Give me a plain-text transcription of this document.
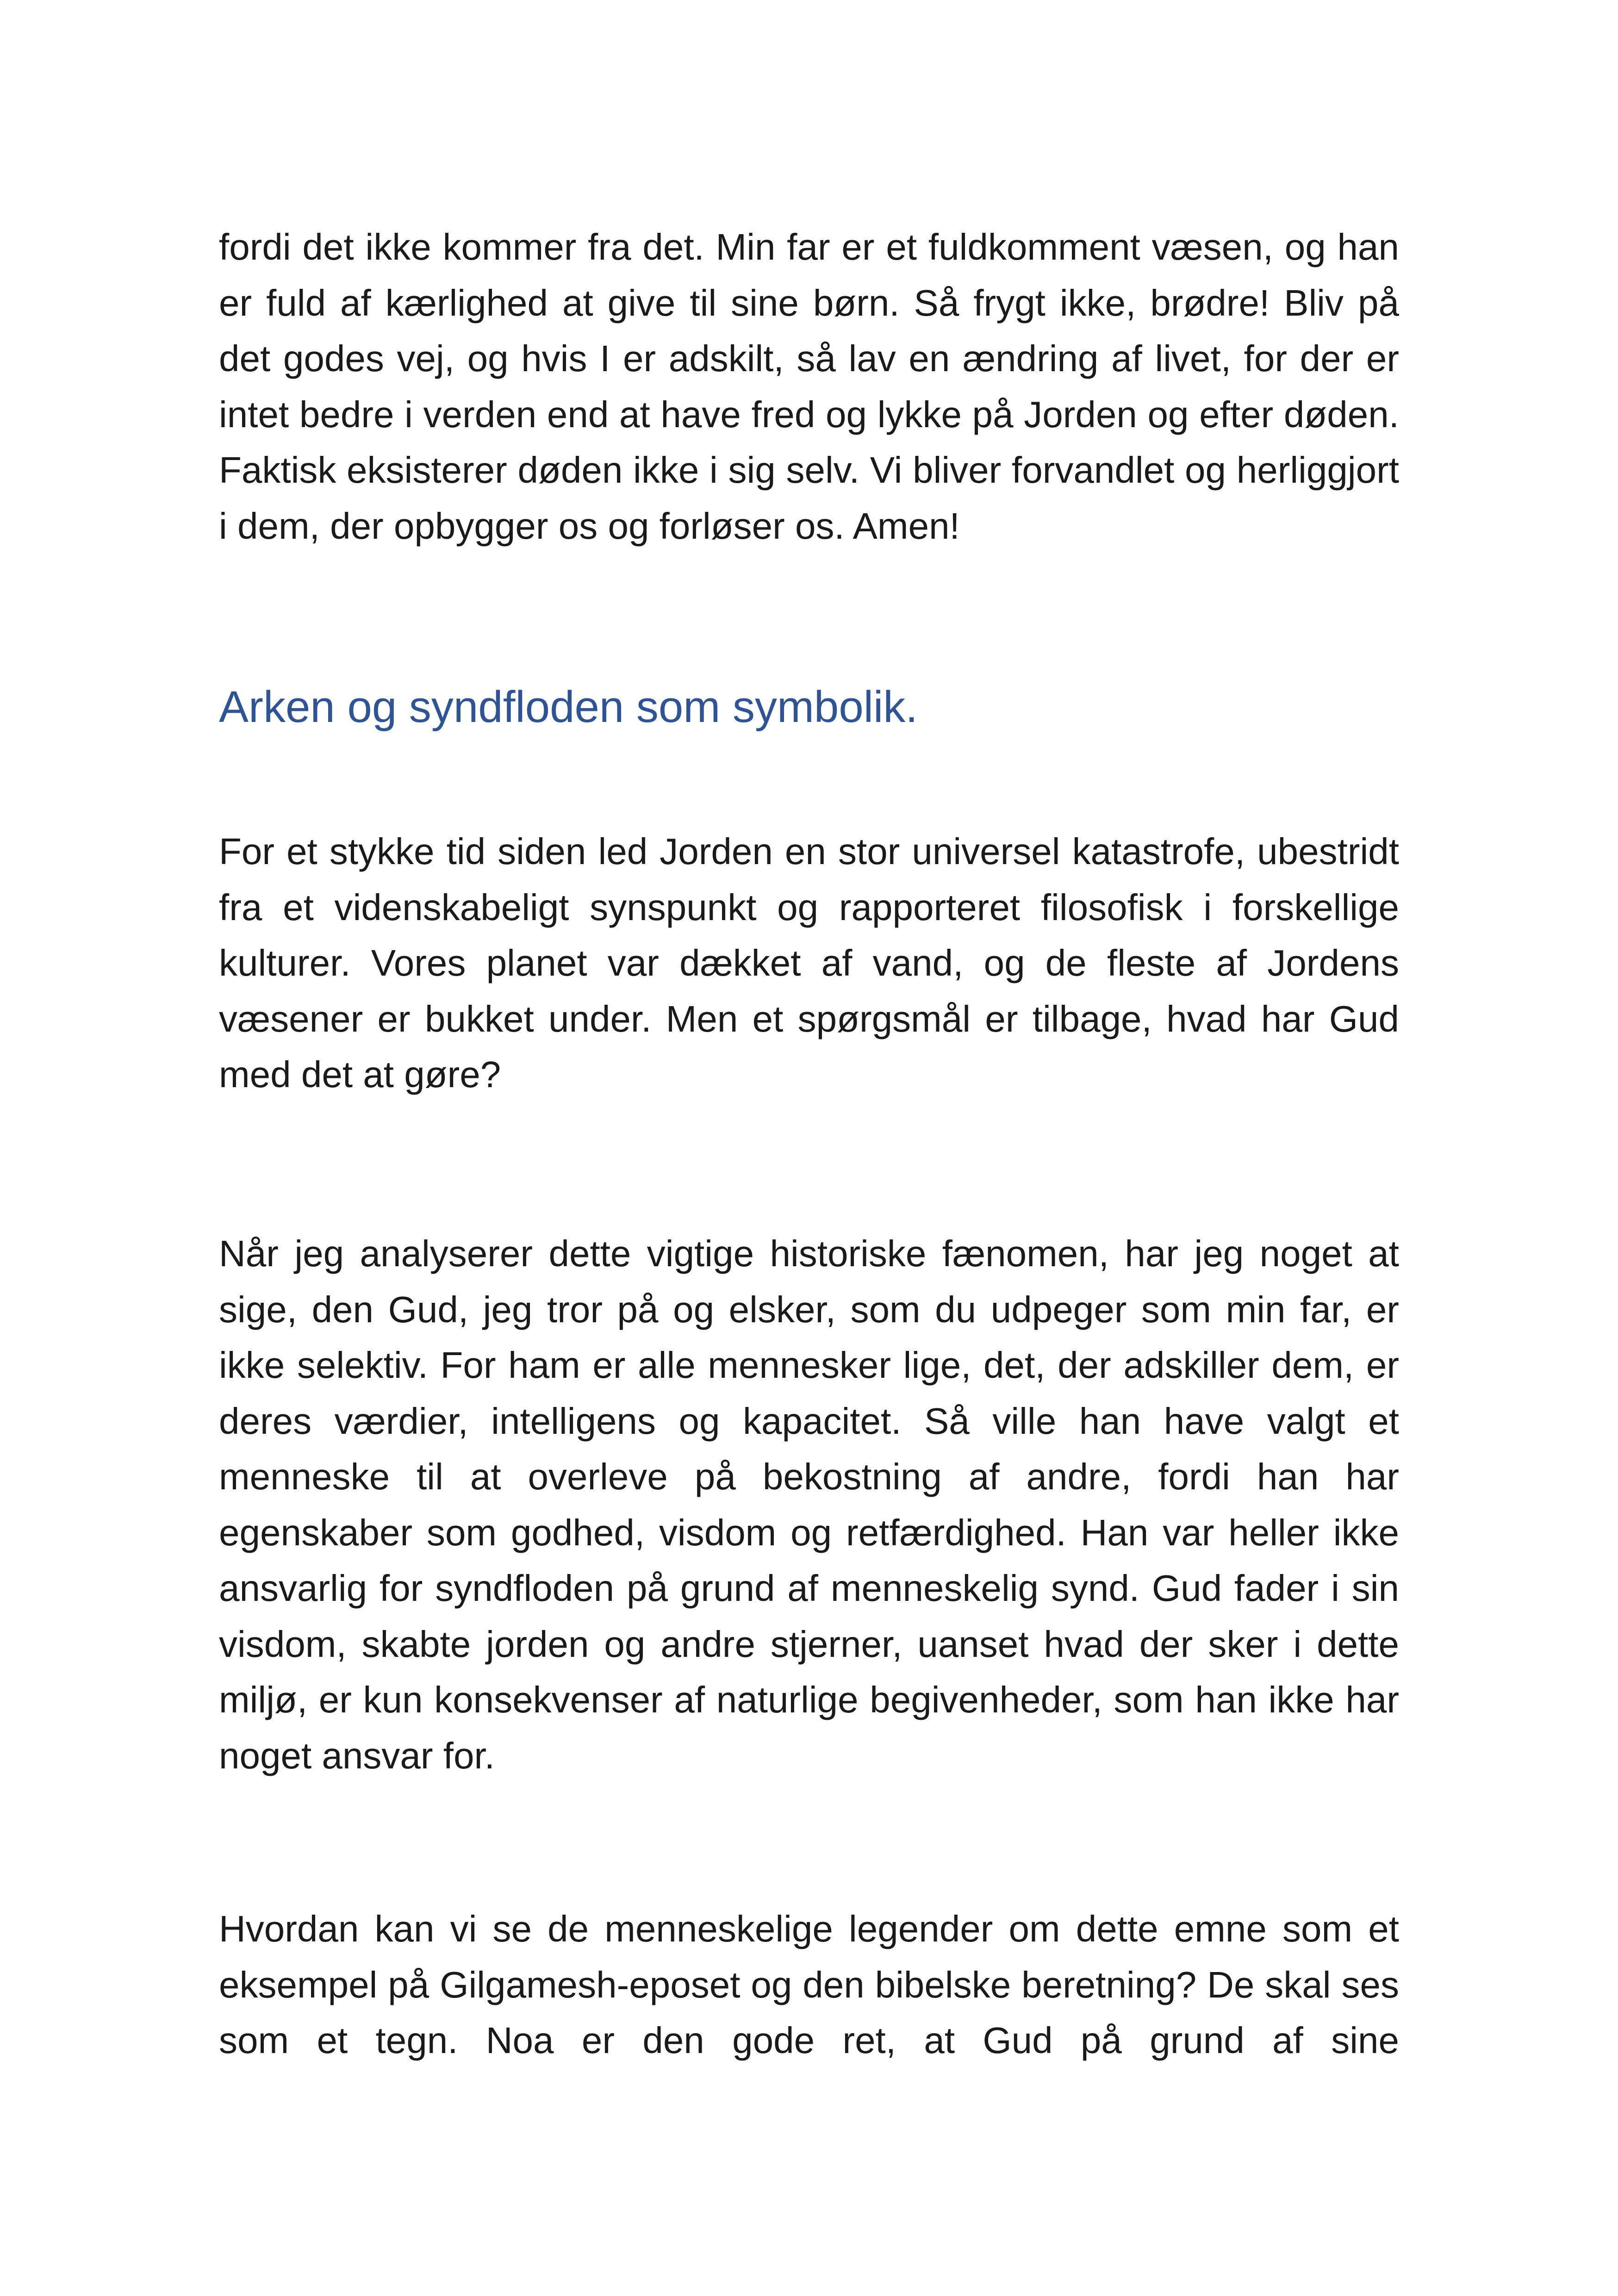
fordi det ikke kommer fra det. Min far er et fuldkomment væsen, og han er fuld af kærlighed at give til sine børn. Så frygt ikke, brødre! Bliv på det godes vej, og hvis I er adskilt, så lav en ændring af livet, for der er intet bedre i verden end at have fred og lykke på Jorden og efter døden. Faktisk eksisterer døden ikke i sig selv. Vi bliver forvandlet og herliggjort i dem, der opbygger os og forløser os. Amen!

Arken og syndfloden som symbolik.

For et stykke tid siden led Jorden en stor universel katastrofe, ubestridt fra et videnskabeligt synspunkt og rapporteret filosofisk i forskellige kulturer. Vores planet var dækket af vand, og de fleste af Jordens væsener er bukket under. Men et spørgsmål er tilbage, hvad har Gud med det at gøre?

Når jeg analyserer dette vigtige historiske fænomen, har jeg noget at sige, den Gud, jeg tror på og elsker, som du udpeger som min far, er ikke selektiv. For ham er alle mennesker lige, det, der adskiller dem, er deres værdier, intelligens og kapacitet. Så ville han have valgt et menneske til at overleve på bekostning af andre, fordi han har egenskaber som godhed, visdom og retfærdighed. Han var heller ikke ansvarlig for syndfloden på grund af menneskelig synd. Gud fader i sin visdom, skabte jorden og andre stjerner, uanset hvad der sker i dette miljø, er kun konsekvenser af naturlige begivenheder, som han ikke har noget ansvar for.

Hvordan kan vi se de menneskelige legender om dette emne som et eksempel på Gilgamesh-eposet og den bibelske beretning? De skal ses som et tegn. Noa er den gode ret, at Gud på grund af sine
